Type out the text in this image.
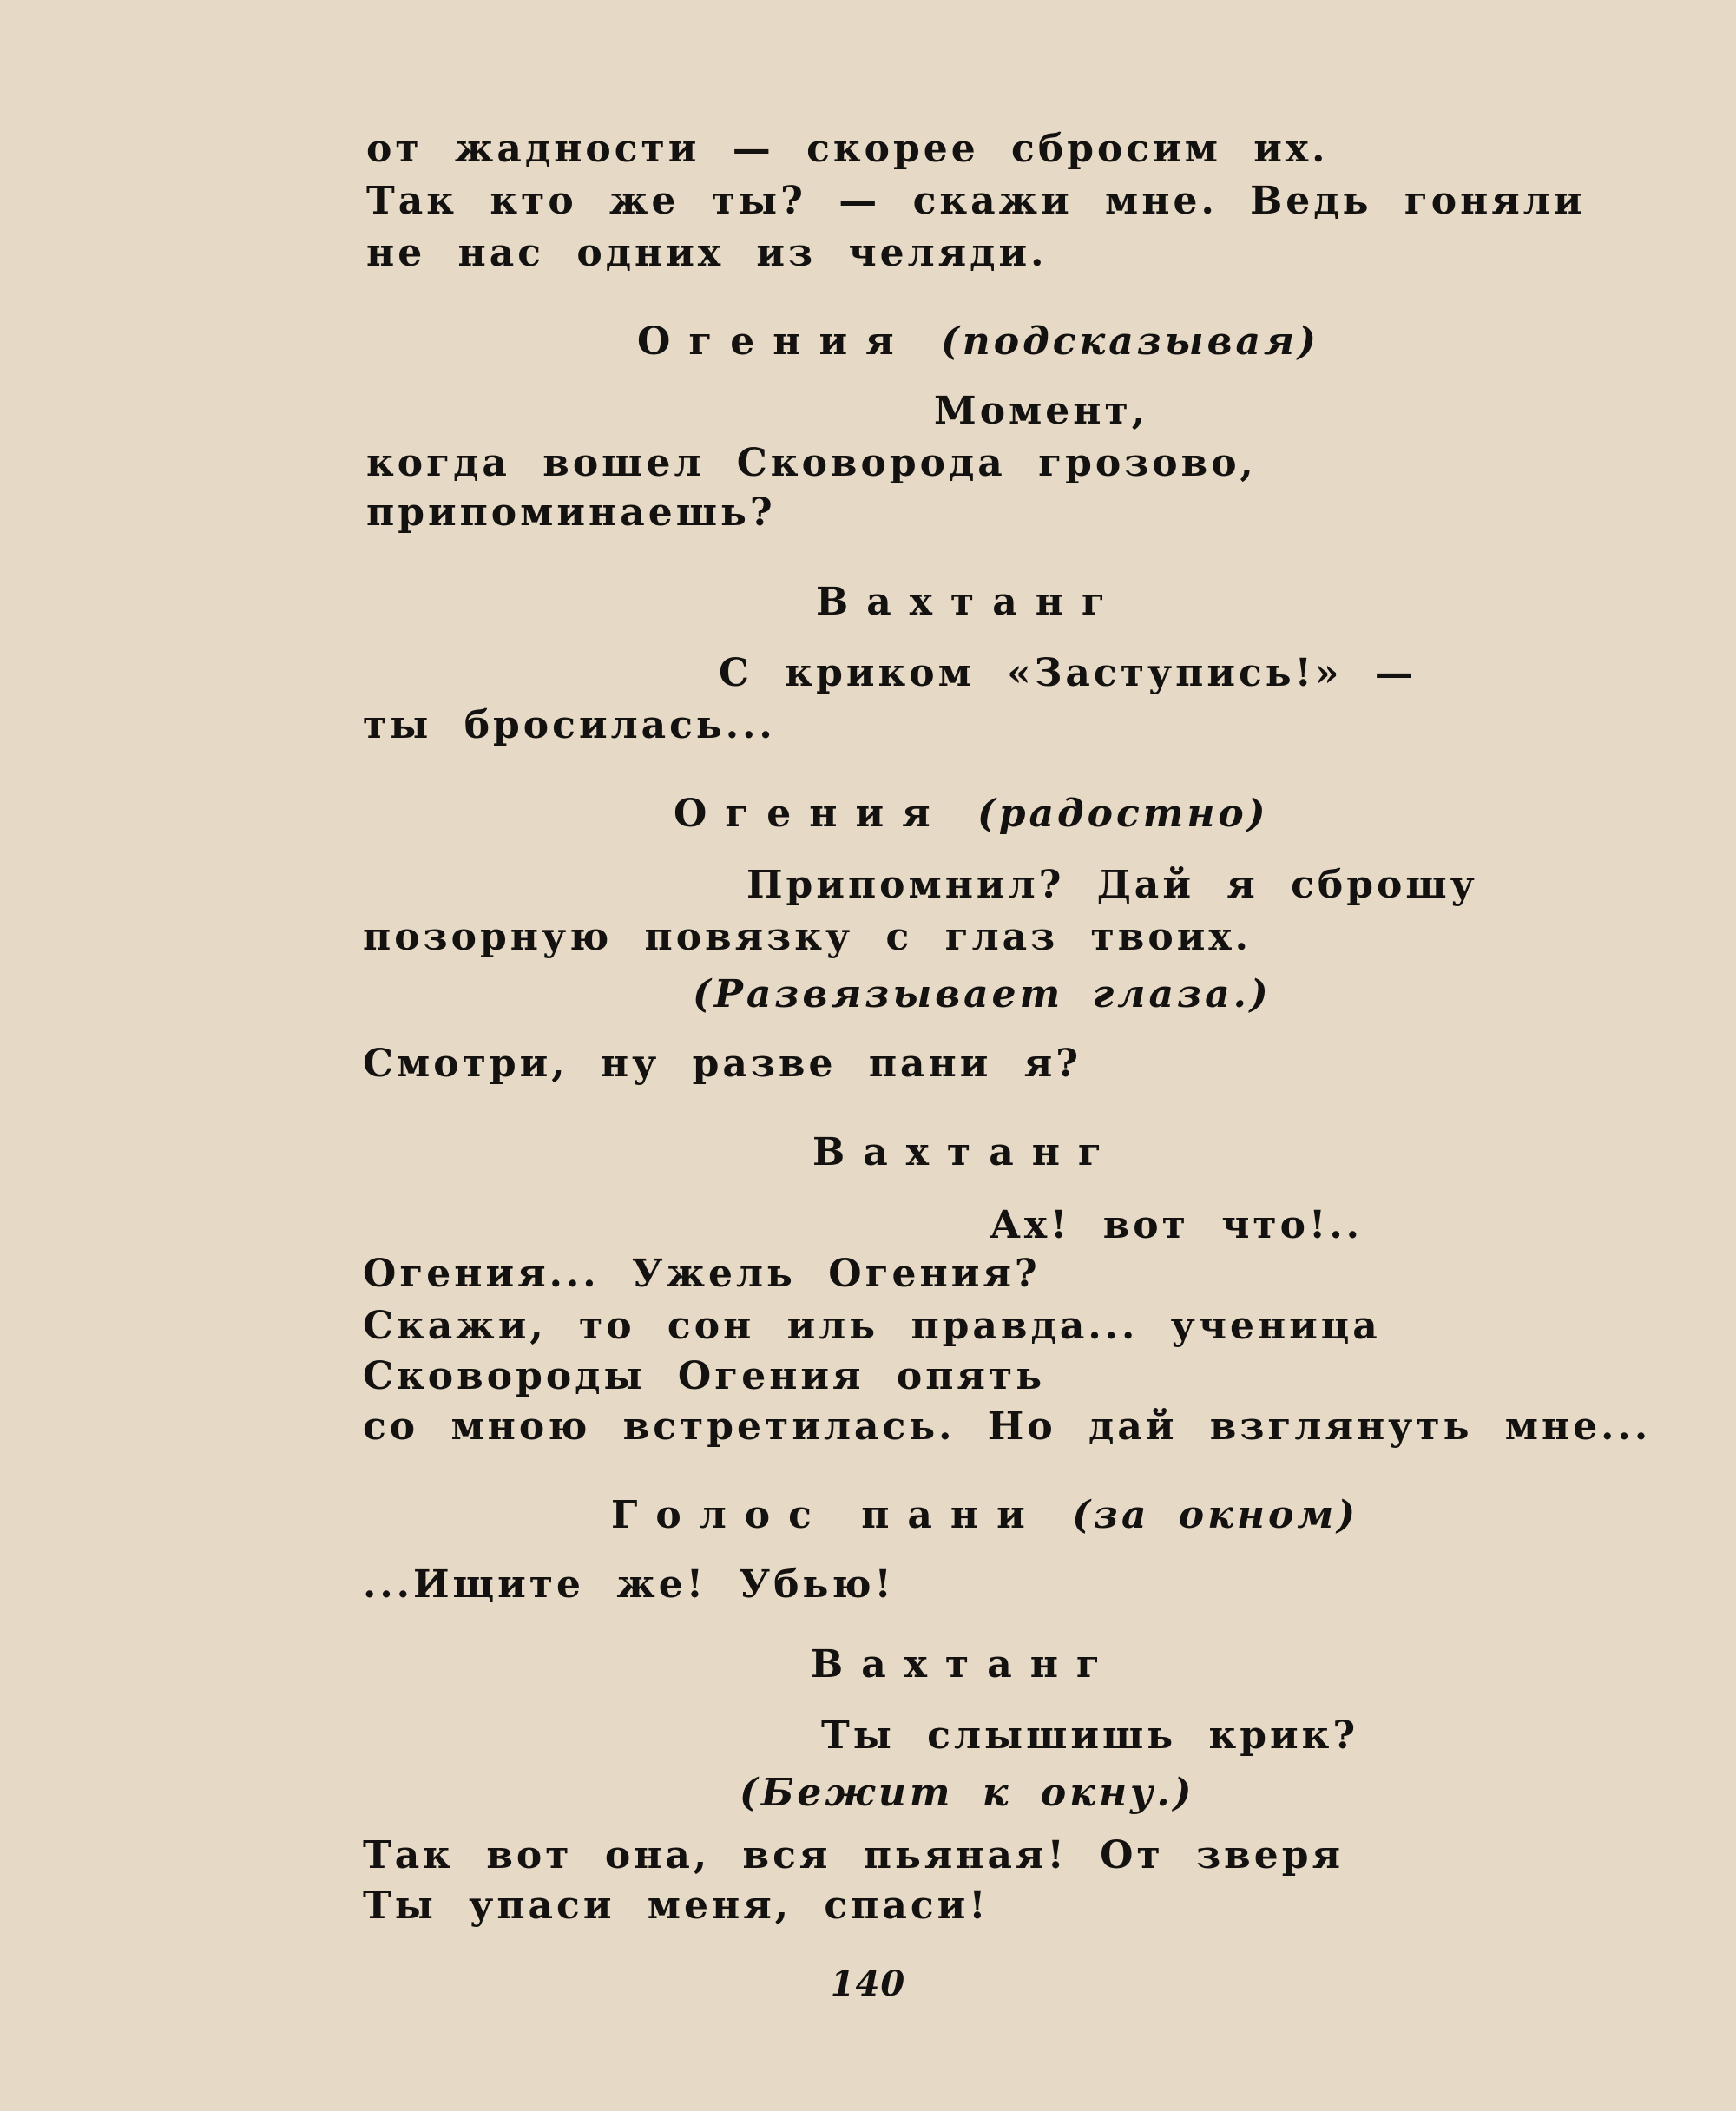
от жадности — скорее сбросим их.
Так кто же ты? — скажи мне. Ведь гоняли
не нас одних из челяди.
Огения (подсказывая)
Момент,
когда вошел Сковорода грозово,
припоминаешь?
Вахтанг
С криком «Заступись!» —
ты бросилась...
Огения (радостно)
Припомнил? Дай я сброшу
позорную повязку с глаз твоих.
(Развязывает глаза.)
Смотри, ну разве пани я?
Вахтанг
Ах! вот что!..
Огения... Ужель Огения?
Скажи, то сон иль правда... ученица
Сковороды Огения опять
со мною встретилась. Но дай взглянуть мне...
Голос пани (за окном)
...Ищите же! Убью!
Вахтанг
Ты слышишь крик?
(Бежит к окну.)
Так вот она, вся пьяная! От зверя
Ты упаси меня, спаси!
140
